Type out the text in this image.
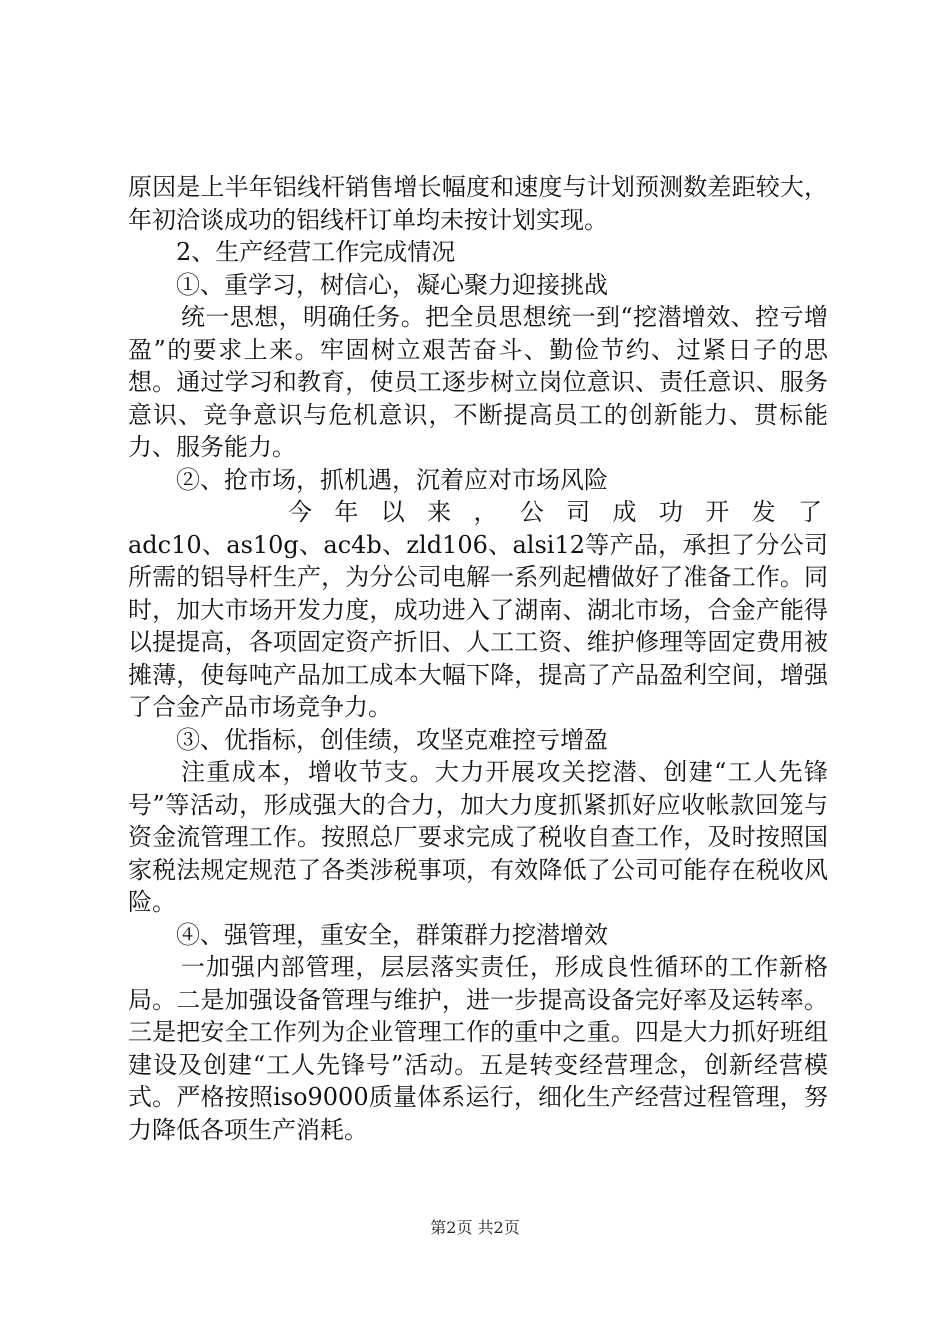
原因是上半年铝线杆销售增长幅度和速度与计划预测数差距较大，年初洽谈成功的铝线杆订单均未按计划实现。

2、生产经营工作完成情况

①、重学习，树信心，凝心聚力迎接挑战

统一思想，明确任务。把全员思想统一到“挖潜增效、控亏增盈”的要求上来。牢固树立艰苦奋斗、勤俭节约、过紧日子的思想。通过学习和教育，使员工逐步树立岗位意识、责任意识、服务意识、竞争意识与危机意识，不断提高员工的创新能力、贯标能力、服务能力。

②、抢市场，抓机遇，沉着应对市场风险

今年以来，公司成功开发了

adc10、as10g、ac4b、zld106、alsi12等产品，承担了分公司所需的铝导杆生产，为分公司电解一系列起槽做好了准备工作。同时，加大市场开发力度，成功进入了湖南、湖北市场，合金产能得以提提高，各项固定资产折旧、人工工资、维护修理等固定费用被摊薄，使每吨产品加工成本大幅下降，提高了产品盈利空间，增强了合金产品市场竞争力。

③、优指标，创佳绩，攻坚克难控亏增盈

注重成本，增收节支。大力开展攻关挖潜、创建“工人先锋号”等活动，形成强大的合力，加大力度抓紧抓好应收帐款回笼与资金流管理工作。按照总厂要求完成了税收自查工作，及时按照国家税法规定规范了各类涉税事项，有效降低了公司可能存在税收风险。

④、强管理，重安全，群策群力挖潜增效

一加强内部管理，层层落实责任，形成良性循环的工作新格局。二是加强设备管理与维护，进一步提高设备完好率及运转率。三是把安全工作列为企业管理工作的重中之重。四是大力抓好班组建设及创建“工人先锋号”活动。五是转变经营理念，创新经营模式。严格按照iso9000质量体系运行，细化生产经营过程管理，努力降低各项生产消耗。

第2页 共2页
